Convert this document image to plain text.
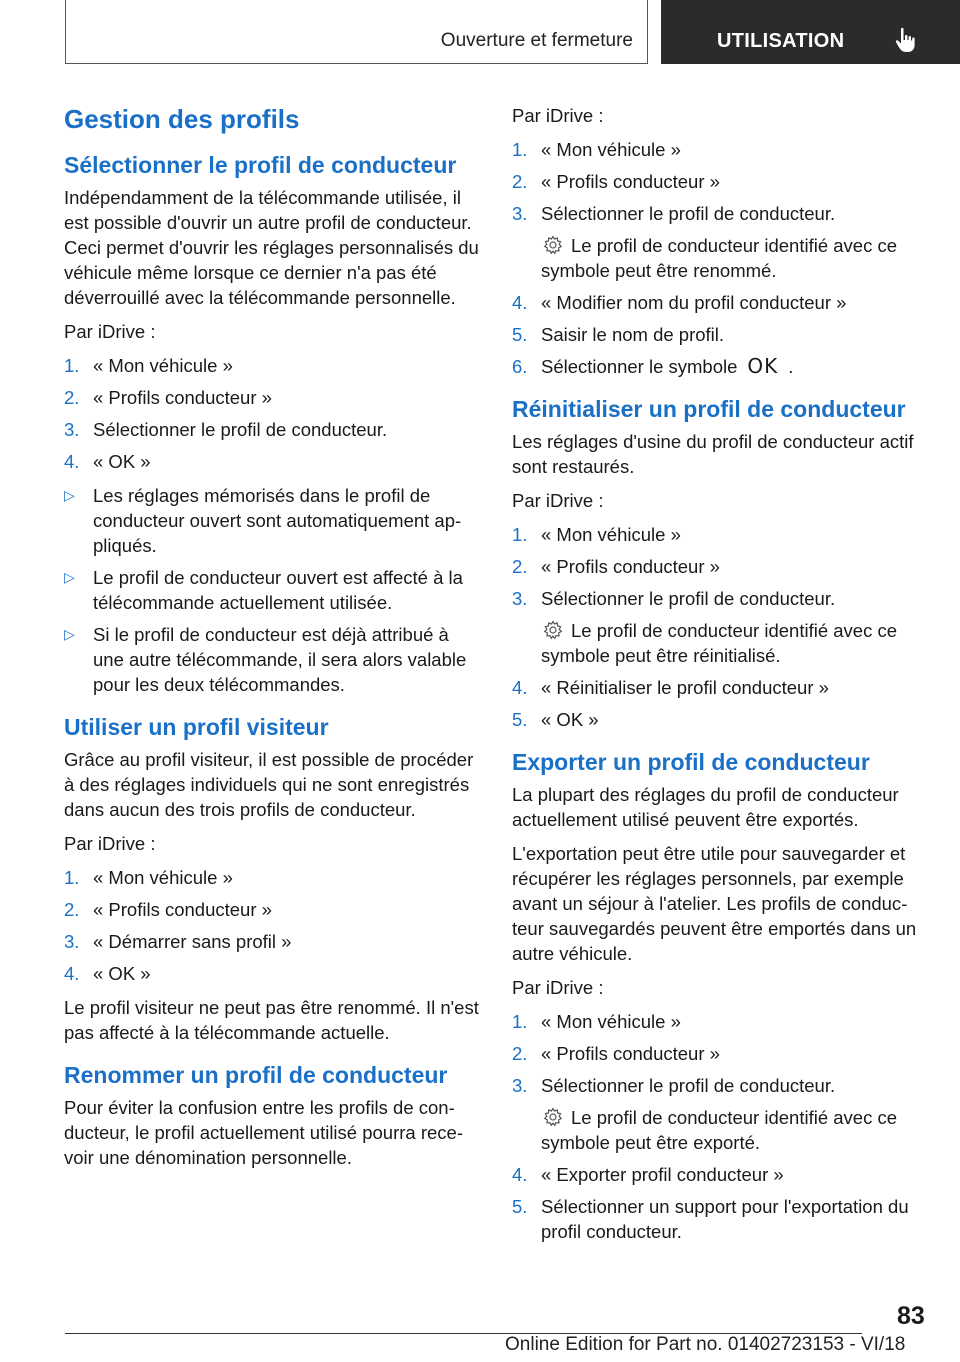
Ouverture et fermeture	UTILISATION
Gestion des profils
Sélectionner le profil de conducteur

Indépendamment de la télécommande utilisée, il est possible d'ouvrir un autre profil de conducteur. Ceci permet d'ouvrir les réglages personnalisés du véhicule même lorsque ce dernier n'a pas été déverrouillé avec la télécommande personnelle.

Par iDrive :

1. « Mon véhicule »
2. « Profils conducteur »
3. Sélectionner le profil de conducteur.
4. « OK »
▷ Les réglages mémorisés dans le profil de conducteur ouvert sont automatiquement appliqués.
▷ Le profil de conducteur ouvert est affecté à la télécommande actuellement utilisée.
▷ Si le profil de conducteur est déjà attribué à une autre télécommande, il sera alors valable pour les deux télécommandes.
Utiliser un profil visiteur

Grâce au profil visiteur, il est possible de procéder à des réglages individuels qui ne sont enregistrés dans aucun des trois profils de conducteur.

Par iDrive :

1. « Mon véhicule »
2. « Profils conducteur »
3. « Démarrer sans profil »
4. « OK »

Le profil visiteur ne peut pas être renommé. Il n'est pas affecté à la télécommande actuelle.

Renommer un profil de conducteur

Pour éviter la confusion entre les profils de conducteur, le profil actuellement utilisé pourra recevoir une dénomination personnelle.

Par iDrive :

1. « Mon véhicule »
2. « Profils conducteur »
3. Sélectionner le profil de conducteur.
Le profil de conducteur identifié avec ce symbole peut être renommé.
4. « Modifier nom du profil conducteur »
5. Saisir le nom de profil.
6. Sélectionner le symbole OK .
Réinitialiser un profil de conducteur

Les réglages d'usine du profil de conducteur actif sont restaurés.

Par iDrive :

1. « Mon véhicule »
2. « Profils conducteur »
3. Sélectionner le profil de conducteur.
Le profil de conducteur identifié avec ce symbole peut être réinitialisé.
4. « Réinitialiser le profil conducteur »
5. « OK »
Exporter un profil de conducteur

La plupart des réglages du profil de conducteur actuellement utilisé peuvent être exportés.

L'exportation peut être utile pour sauvegarder et récupérer les réglages personnels, par exemple avant un séjour à l'atelier. Les profils de conducteur sauvegardés peuvent être emportés dans un autre véhicule.

Par iDrive :

1. « Mon véhicule »
2. « Profils conducteur »
3. Sélectionner le profil de conducteur.
Le profil de conducteur identifié avec ce symbole peut être exporté.
4. « Exporter profil conducteur »
5. Sélectionner un support pour l'exportation du profil conducteur.
83
Online Edition for Part no. 01402723153 - VI/18
